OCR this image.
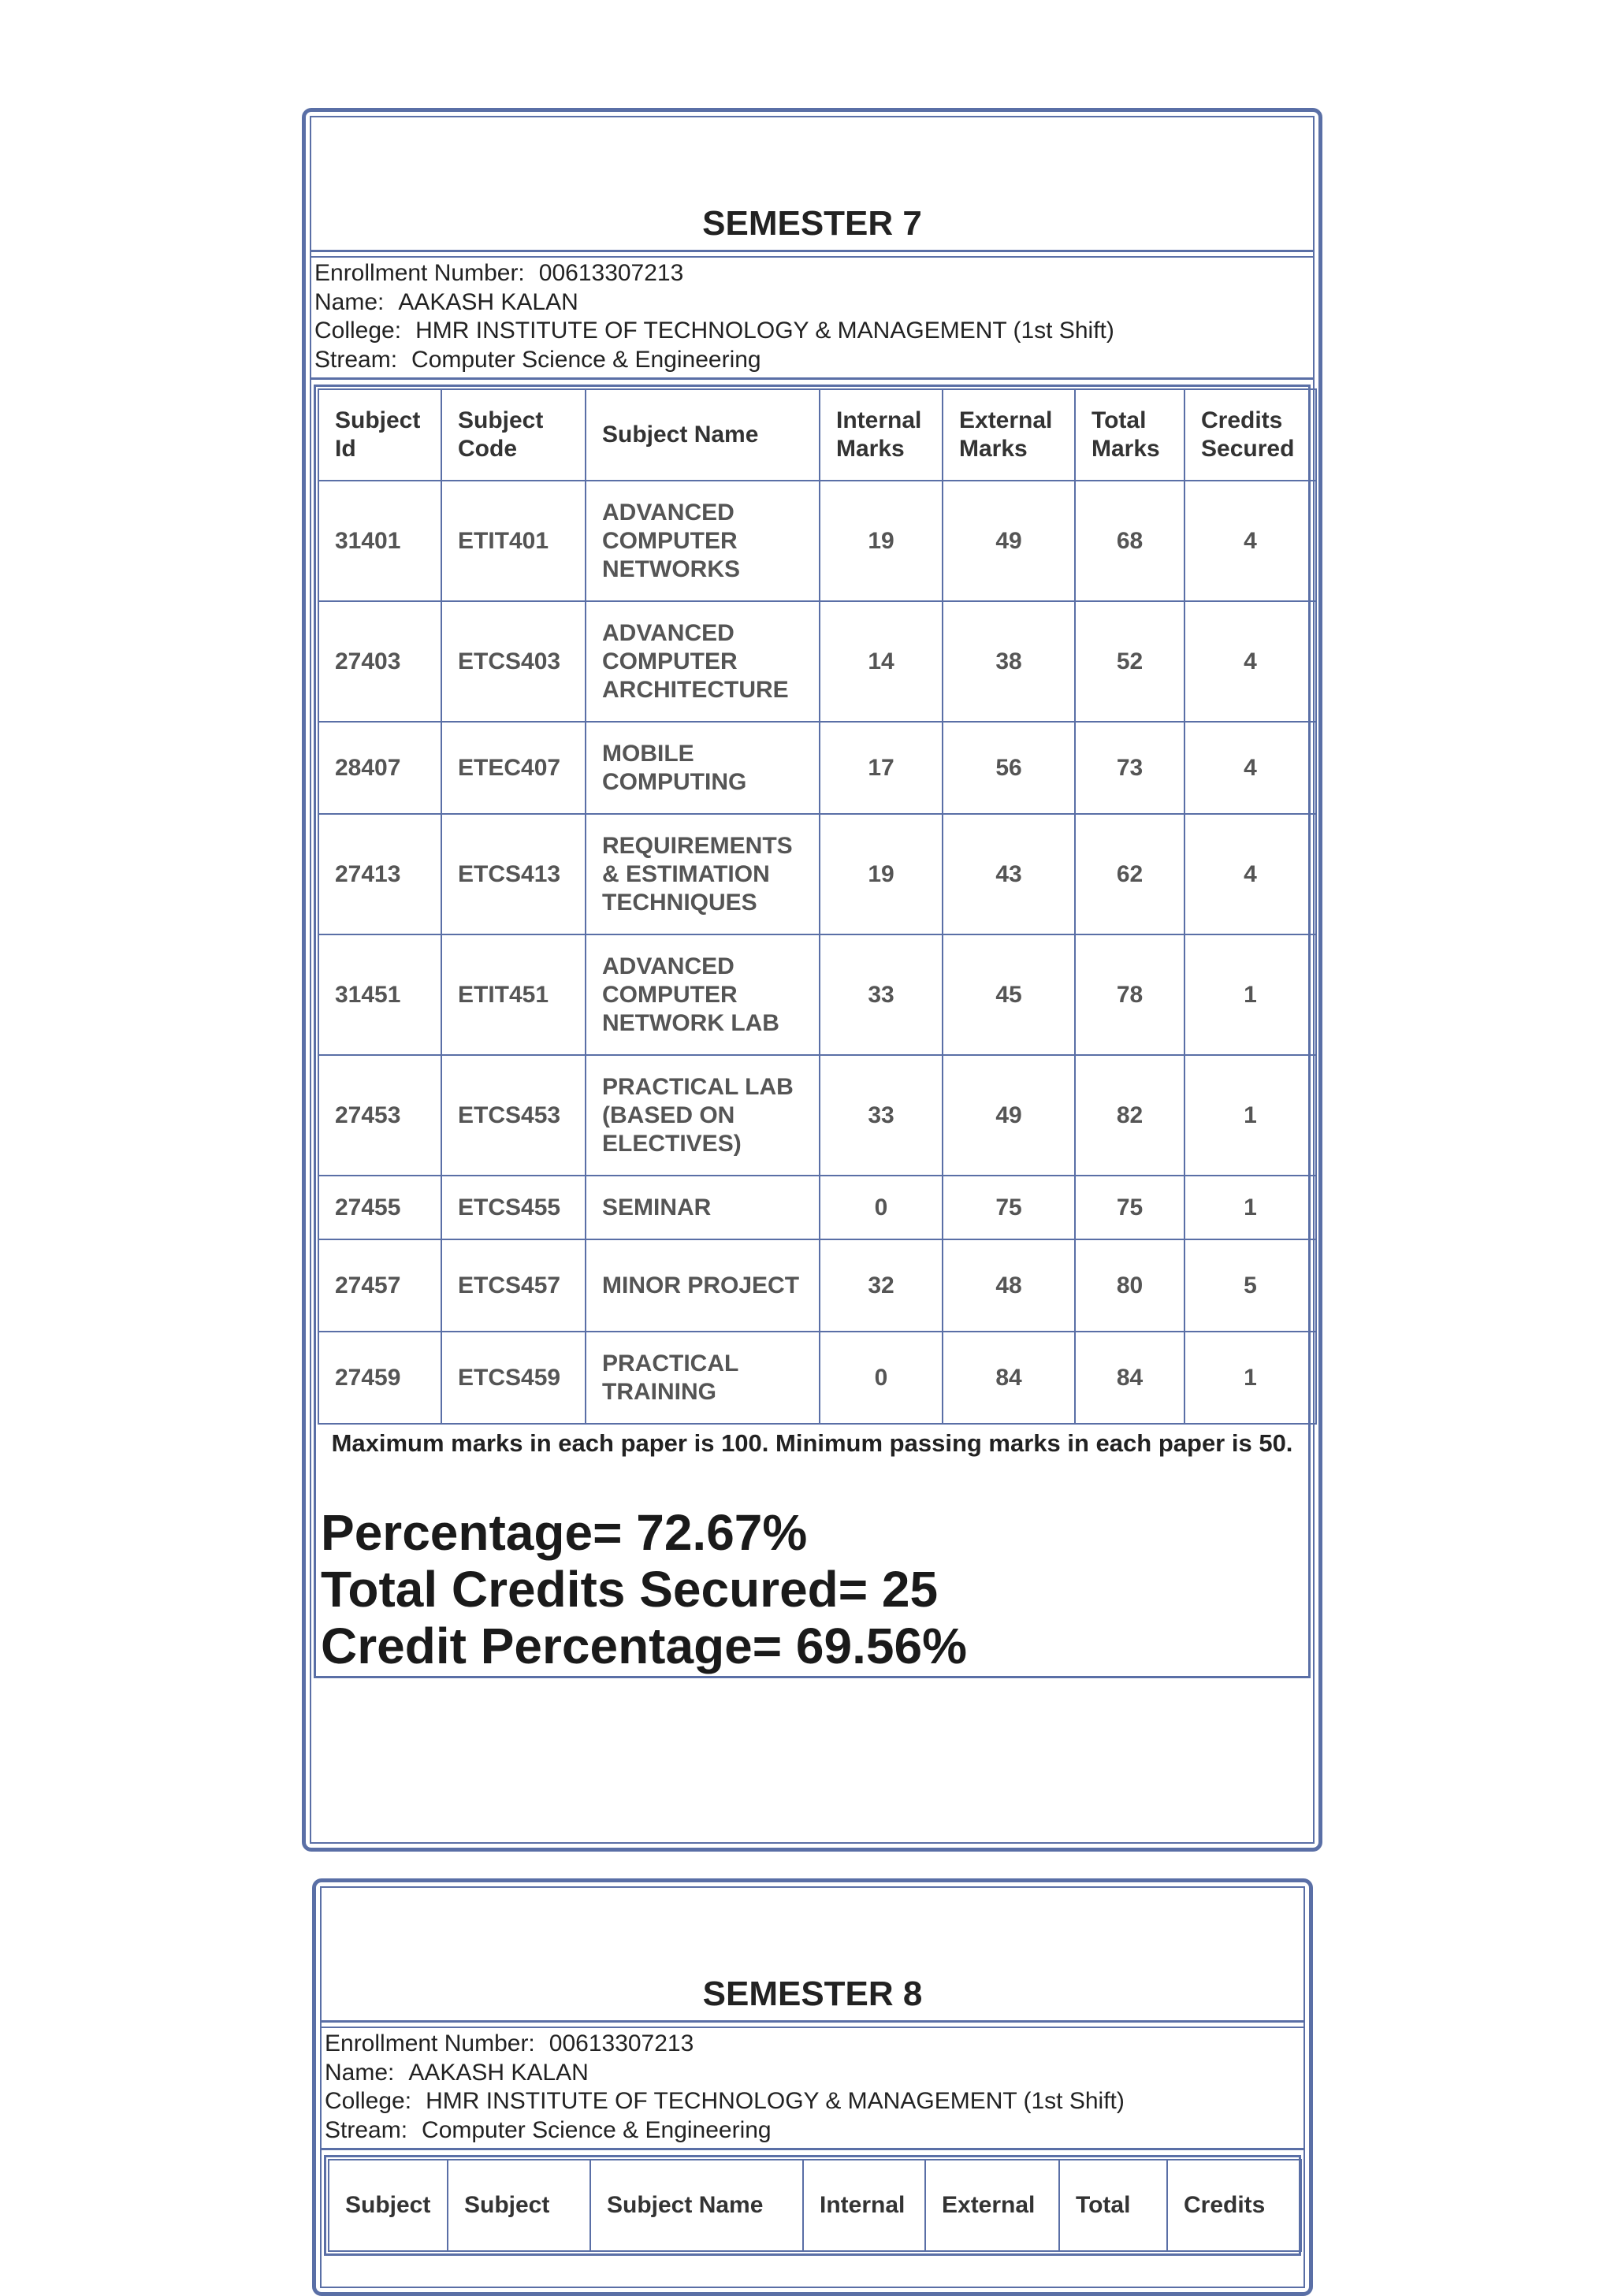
SEMESTER 7
Enrollment Number: 00613307213
Name: AAKASH KALAN
College: HMR INSTITUTE OF TECHNOLOGY & MANAGEMENT (1st Shift)
Stream: Computer Science & Engineering
Subject Id	Subject Code	Subject Name	Internal Marks	External Marks	Total Marks	Credits Secured
31401	ETIT401	ADVANCED COMPUTER NETWORKS	19	49	68	4
27403	ETCS403	ADVANCED COMPUTER ARCHITECTURE	14	38	52	4
28407	ETEC407	MOBILE COMPUTING	17	56	73	4
27413	ETCS413	REQUIREMENTS & ESTIMATION TECHNIQUES	19	43	62	4
31451	ETIT451	ADVANCED COMPUTER NETWORK LAB	33	45	78	1
27453	ETCS453	PRACTICAL LAB (BASED ON ELECTIVES)	33	49	82	1
27455	ETCS455	SEMINAR	0	75	75	1
27457	ETCS457	MINOR PROJECT	32	48	80	5
27459	ETCS459	PRACTICAL TRAINING	0	84	84	1
Maximum marks in each paper is 100. Minimum passing marks in each paper is 50.
Percentage= 72.67%
Total Credits Secured= 25
Credit Percentage= 69.56%
SEMESTER 8
Enrollment Number: 00613307213
Name: AAKASH KALAN
College: HMR INSTITUTE OF TECHNOLOGY & MANAGEMENT (1st Shift)
Stream: Computer Science & Engineering
Subject	Subject	Subject Name	Internal	External	Total	Credits
